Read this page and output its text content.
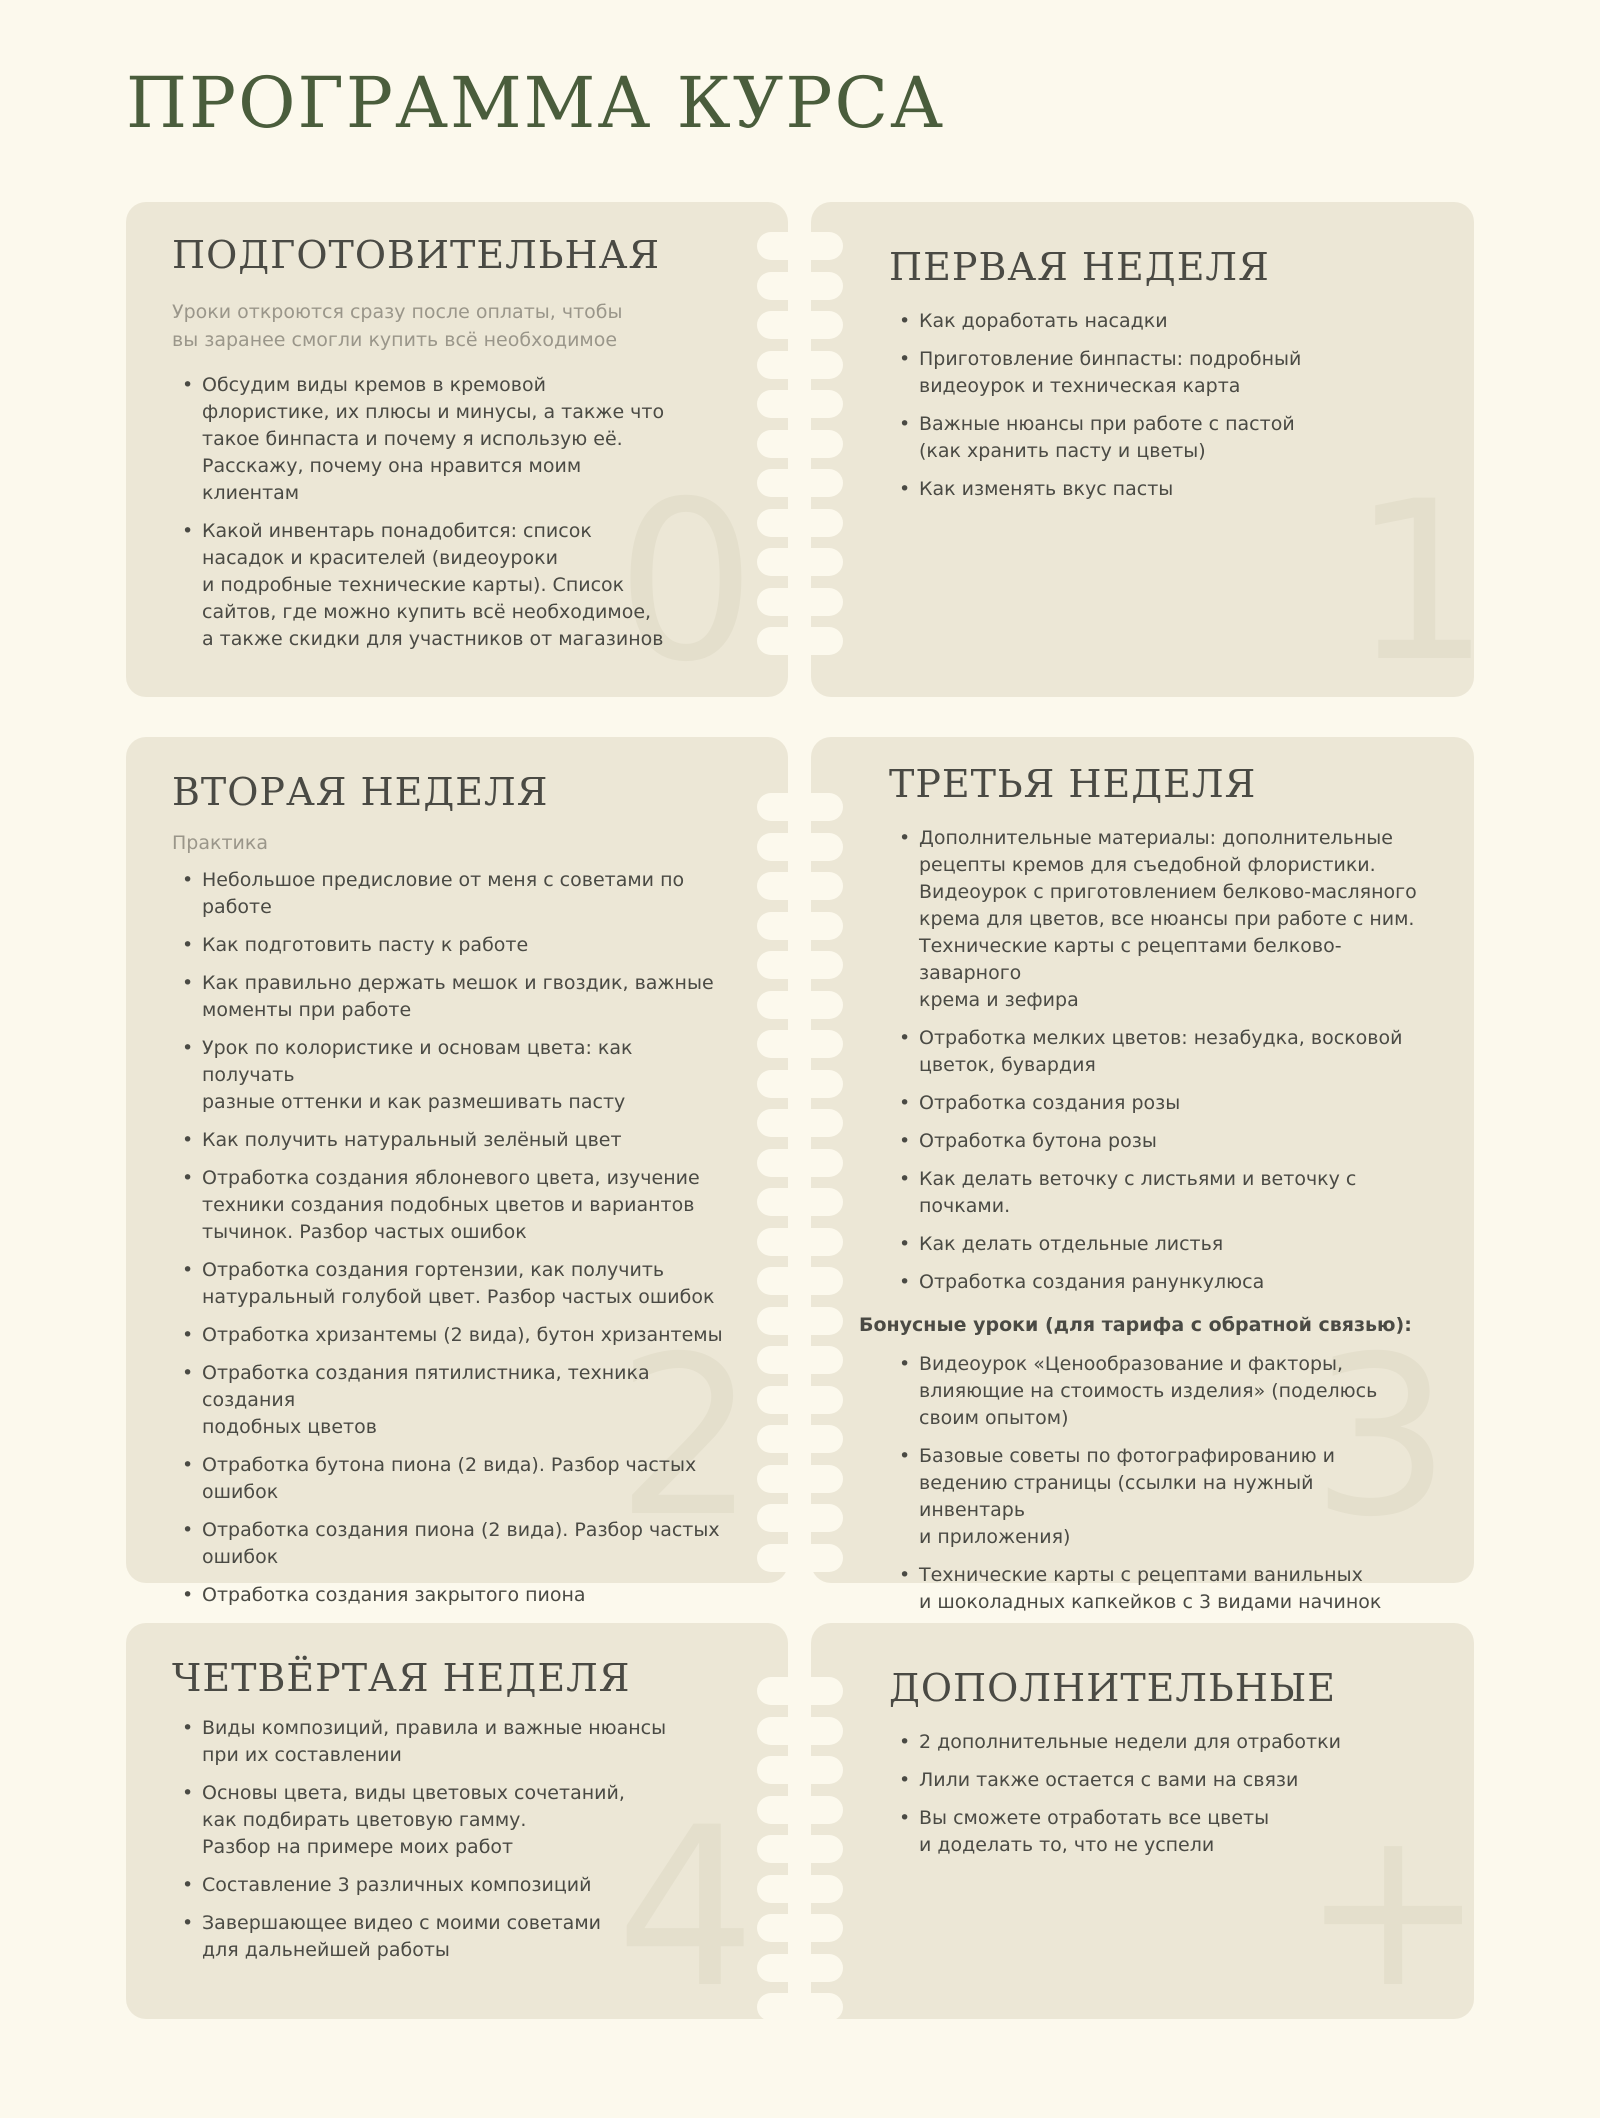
ПРОГРАММА КУРСА
ПОДГОТОВИТЕЛЬНАЯ

Уроки откроются сразу после оплаты, чтобы
вы заранее смогли купить всё необходимое

• Обсудим виды кремов в кремовой
флористике, их плюсы и минусы, а также что
такое бинпаста и почему я использую её.
Расскажу, почему она нравится моим
клиентам
• Какой инвентарь понадобится: список
насадок и красителей (видеоуроки
и подробные технические карты). Список
сайтов, где можно купить всё необходимое,
а также скидки для участников от магазинов
0
ПЕРВАЯ НЕДЕЛЯ
• Как доработать насадки
• Приготовление бинпасты: подробный
видеоурок и техническая карта
• Важные нюансы при работе с пастой
(как хранить пасту и цветы)
• Как изменять вкус пасты 1
ВТОРАЯ НЕДЕЛЯ

Практика

• Небольшое предисловие от меня с советами по работе
• Как подготовить пасту к работе
• Как правильно держать мешок и гвоздик, важные
моменты при работе
• Урок по колористике и основам цвета: как получать
разные оттенки и как размешивать пасту
• Как получить натуральный зелёный цвет
• Отработка создания яблоневого цвета, изучение
техники создания подобных цветов и вариантов
тычинок. Разбор частых ошибок
• Отработка создания гортензии, как получить
натуральный голубой цвет. Разбор частых ошибок
• Отработка хризантемы (2 вида), бутон хризантемы
• Отработка создания пятилистника, техника создания
подобных цветов
• Отработка бутона пиона (2 вида). Разбор частых
ошибок
• Отработка создания пиона (2 вида). Разбор частых
ошибок
• Отработка создания закрытого пиона
2
ТРЕТЬЯ НЕДЕЛЯ
• Дополнительные материалы: дополнительные
рецепты кремов для съедобной флористики.
Видеоурок с приготовлением белково-масляного
крема для цветов, все нюансы при работе с ним.
Технические карты с рецептами белково-заварного
крема и зефира
• Отработка мелких цветов: незабудка, восковой
цветок, бувардия
• Отработка создания розы
• Отработка бутона розы
• Как делать веточку с листьями и веточку с почками.
• Как делать отдельные листья
• Отработка создания ранункулюса
Бонусные уроки (для тарифа с обратной связью):
• Видеоурок «Ценообразование и факторы,
влияющие на стоимость изделия» (поделюсь
своим опытом)
• Базовые советы по фотографированию и
ведению страницы (ссылки на нужный инвентарь
и приложения)
• Технические карты с рецептами ванильных
и шоколадных капкейков с 3 видами начинок
3
ЧЕТВЁРТАЯ НЕДЕЛЯ
• Виды композиций, правила и важные нюансы
при их составлении
• Основы цвета, виды цветовых сочетаний,
как подбирать цветовую гамму.
Разбор на примере моих работ
• Составление 3 различных композиций
• Завершающее видео с моими советами
для дальнейшей работы 4
ДОПОЛНИТЕЛЬНЫЕ
• 2 дополнительные недели для отработки
• Лили также остается с вами на связи
• Вы сможете отработать все цветы
и доделать то, что не успели +
